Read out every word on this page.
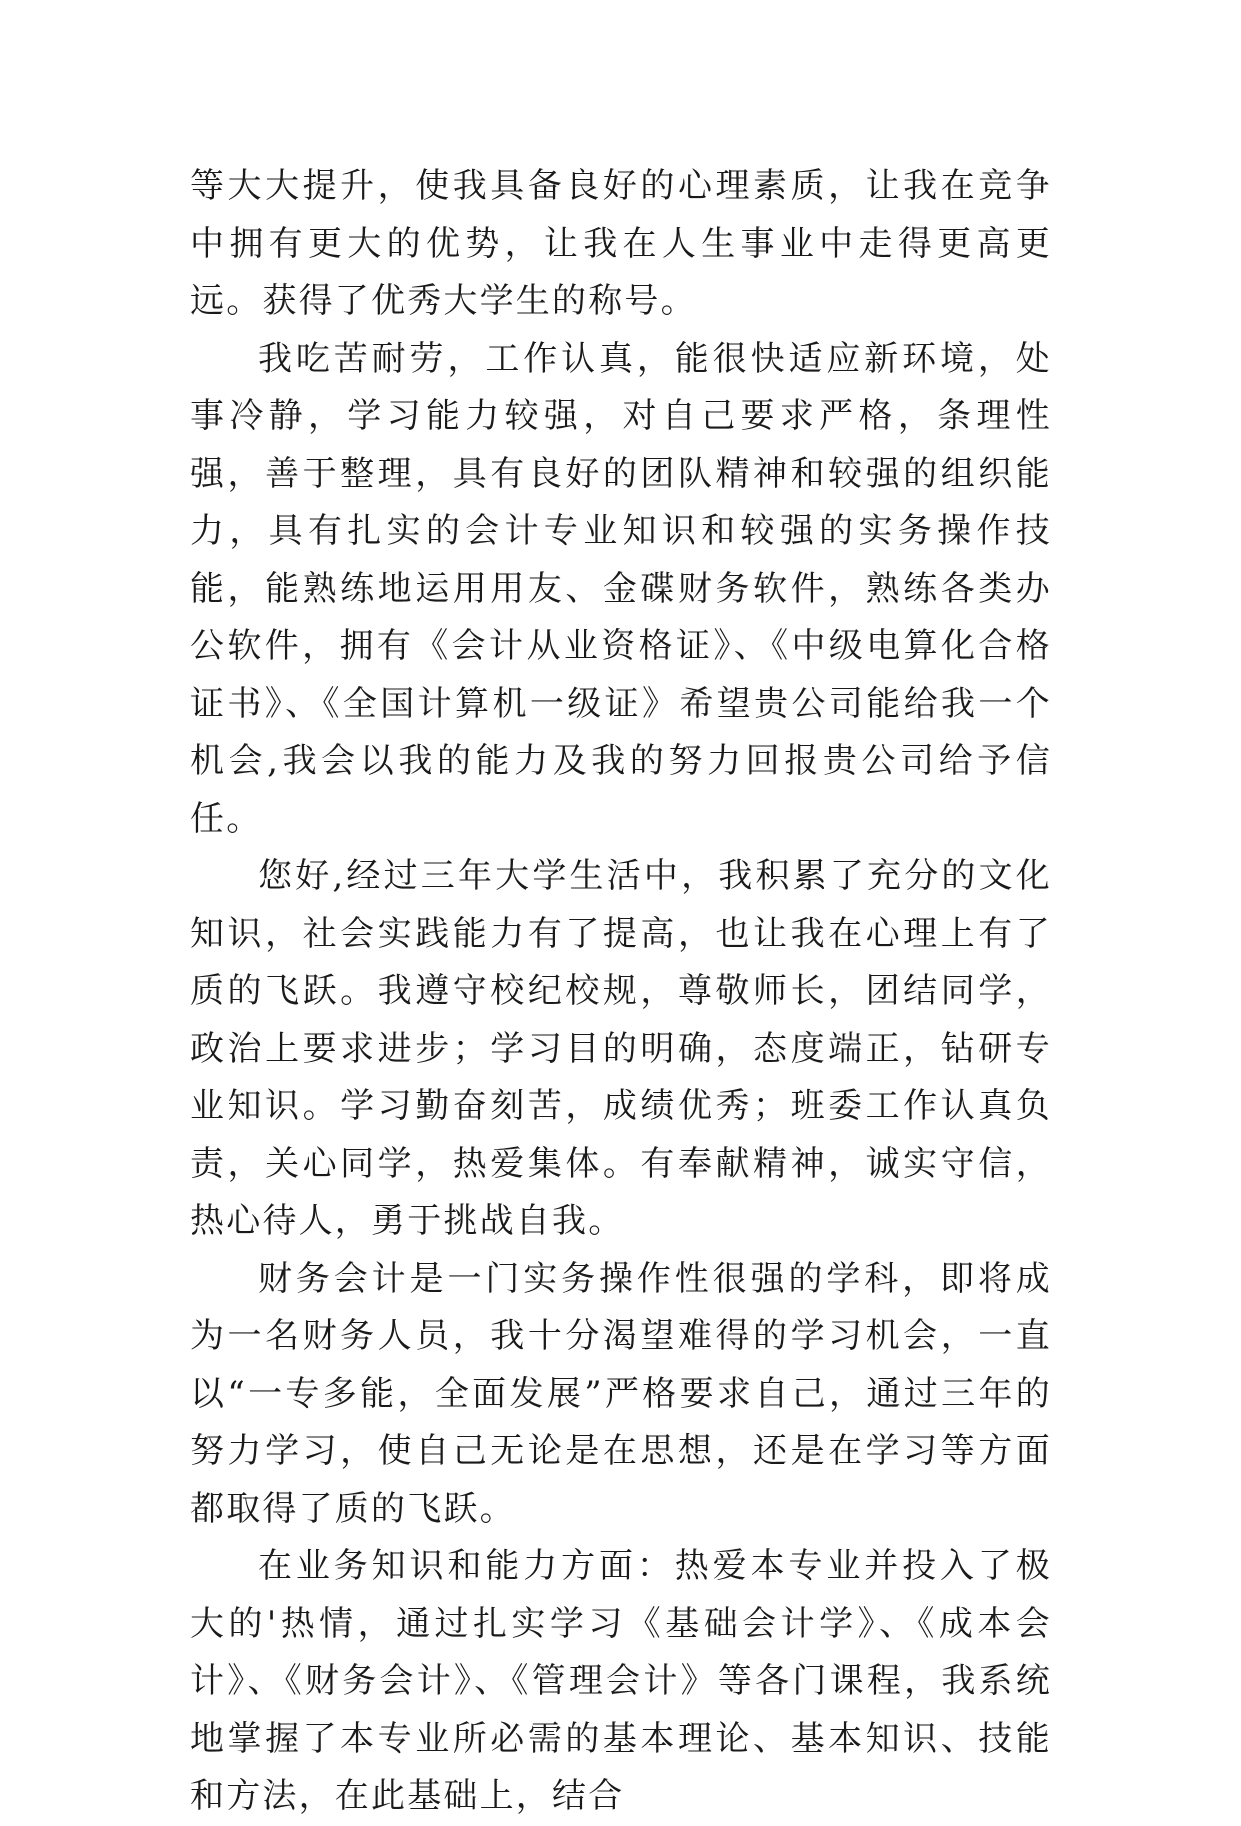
等大大提升，使我具备良好的心理素质，让我在竞争中拥有更大的优势，让我在人生事业中走得更高更远。获得了优秀大学生的称号。

我吃苦耐劳，工作认真，能很快适应新环境，处事冷静，学习能力较强，对自己要求严格，条理性强，善于整理，具有良好的团队精神和较强的组织能力，具有扎实的会计专业知识和较强的实务操作技能，能熟练地运用用友、金碟财务软件，熟练各类办公软件，拥有《会计从业资格证》、《中级电算化合格证书》、《全国计算机一级证》希望贵公司能给我一个机会,我会以我的能力及我的努力回报贵公司给予信任。

您好,经过三年大学生活中，我积累了充分的文化知识，社会实践能力有了提高，也让我在心理上有了质的飞跃。我遵守校纪校规，尊敬师长，团结同学，政治上要求进步；学习目的明确，态度端正，钻研专业知识。学习勤奋刻苦，成绩优秀；班委工作认真负责，关心同学，热爱集体。有奉献精神，诚实守信，热心待人，勇于挑战自我。

财务会计是一门实务操作性很强的学科，即将成为一名财务人员，我十分渴望难得的学习机会，一直以“一专多能，全面发展”严格要求自己，通过三年的努力学习，使自己无论是在思想，还是在学习等方面都取得了质的飞跃。

在业务知识和能力方面：热爱本专业并投入了极大的'热情，通过扎实学习《基础会计学》、《成本会计》、《财务会计》、《管理会计》等各门课程，我系统地掌握了本专业所必需的基本理论、基本知识、技能和方法，在此基础上，结合
